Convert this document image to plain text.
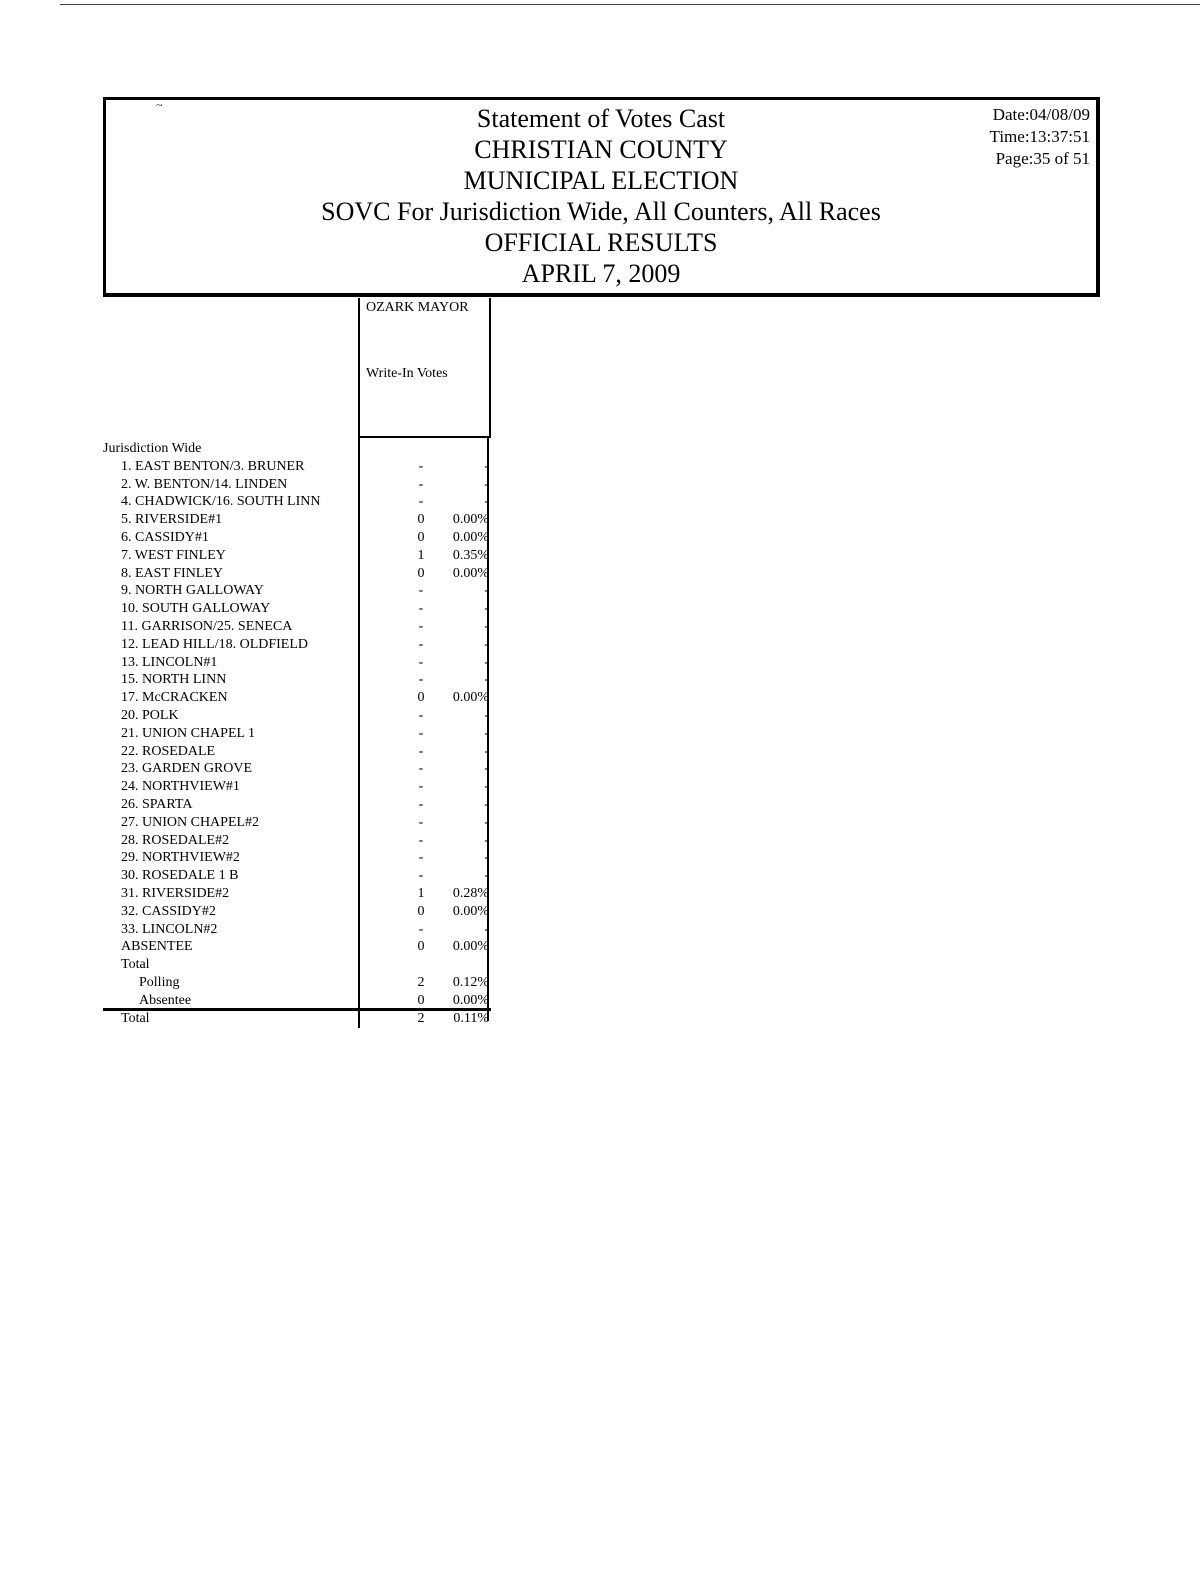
~	Statement of Votes Cast
CHRISTIAN COUNTY
MUNICIPAL ELECTION
SOVC For Jurisdiction Wide, All Counters, All Races
OFFICIAL RESULTS
APRIL 7, 2009
Date:04/08/09
Time:13:37:51
Page:35 of 51
OZARK MAYOR
Write-In Votes
Jurisdiction Wide
1. EAST BENTON/3. BRUNER	-	-
2. W. BENTON/14. LINDEN	-	-
4. CHADWICK/16. SOUTH LINN	-	-
5. RIVERSIDE#1	0	0.00%
6. CASSIDY#1	0	0.00%
7. WEST FINLEY	1	0.35%
8. EAST FINLEY	0	0.00%
9. NORTH GALLOWAY	-	-
10. SOUTH GALLOWAY	-	-
11. GARRISON/25. SENECA	-	-
12. LEAD HILL/18. OLDFIELD	-	-
13. LINCOLN#1	-	-
15. NORTH LINN	-	-
17. McCRACKEN	0	0.00%
20. POLK	-	-
21. UNION CHAPEL 1	-	-
22. ROSEDALE	-	-
23. GARDEN GROVE	-	-
24. NORTHVIEW#1	-	-
26. SPARTA	-	-
27. UNION CHAPEL#2	-	-
28. ROSEDALE#2	-	-
29. NORTHVIEW#2	-	-
30. ROSEDALE 1 B	-	-
31. RIVERSIDE#2	1	0.28%
32. CASSIDY#2	0	0.00%
33. LINCOLN#2	-	-
ABSENTEE	0	0.00%
Total
Polling	2	0.12%
Absentee	0	0.00%
Total	2	0.11%
